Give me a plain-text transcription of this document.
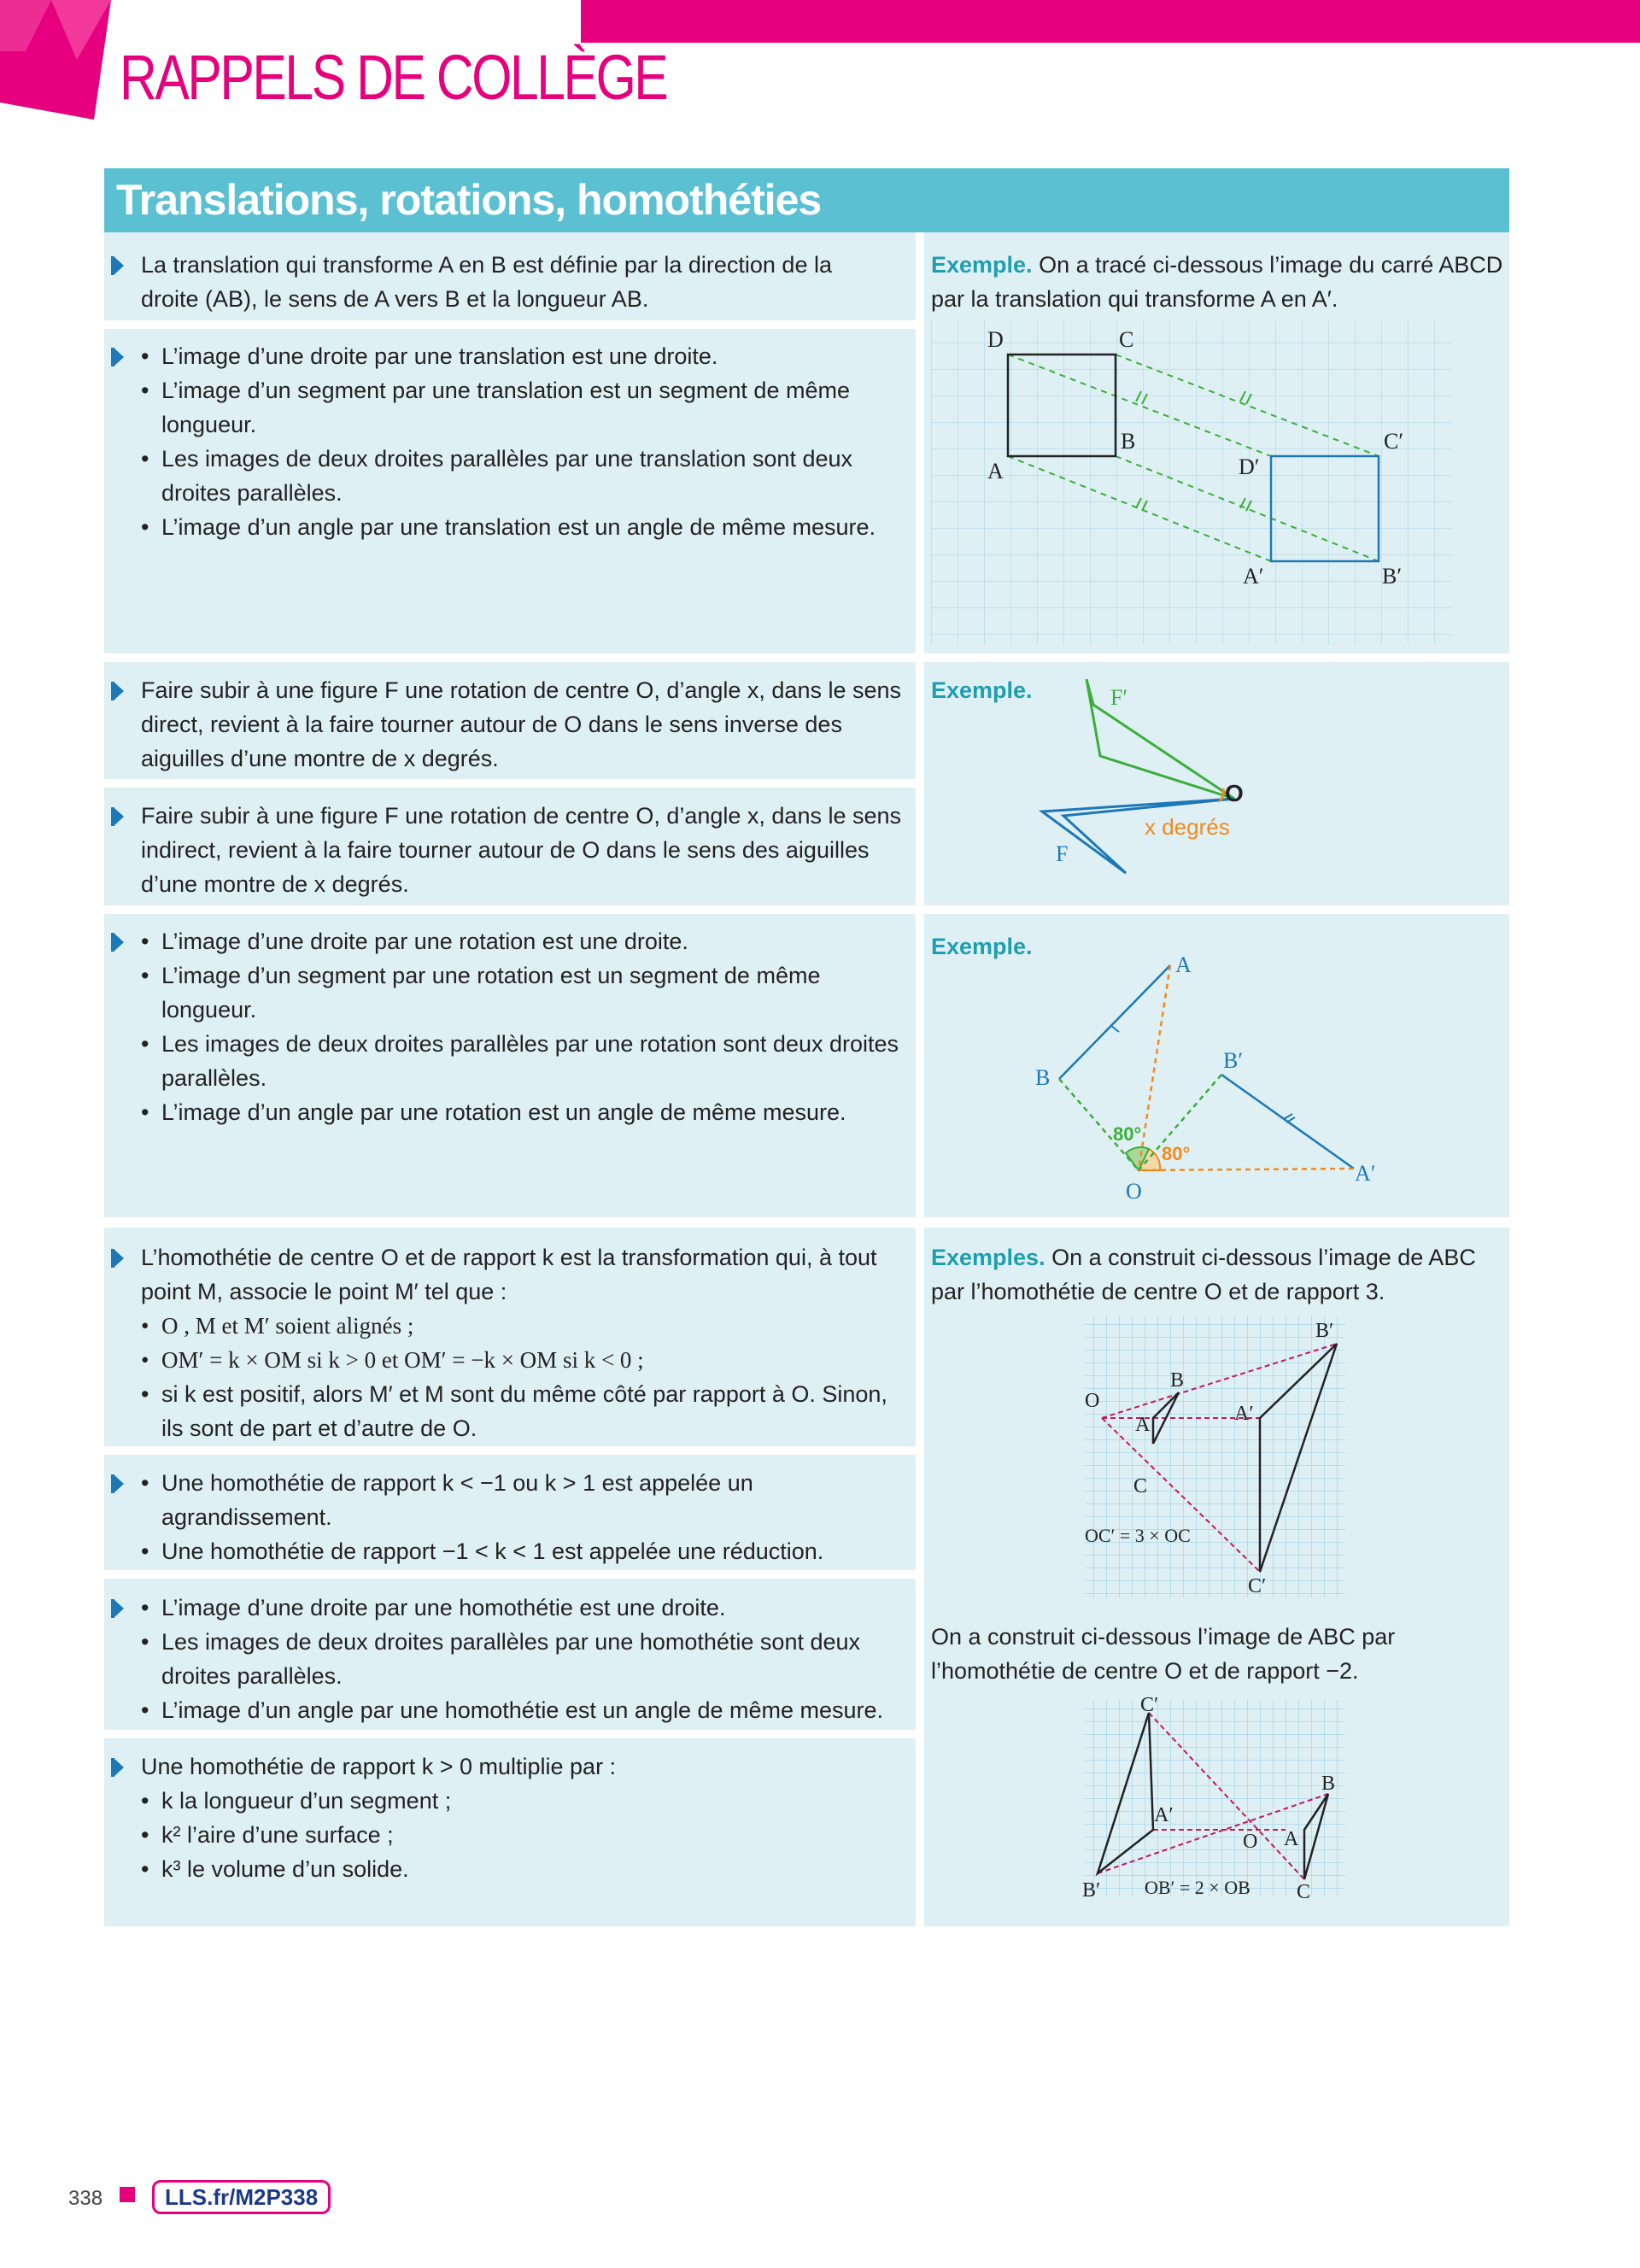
RAPPELS DE COLLÈGE
Translations, rotations, homothéties

La translation qui transforme A en B est définie par la direction de la droite (AB), le sens de A vers B et la longueur AB.

• L’image d’une droite par une translation est une droite.
• L’image d’un segment par une translation est un segment de même longueur.
• Les images de deux droites parallèles par une translation sont deux droites parallèles.
• L’image d’un angle par une translation est un angle de même mesure.
Exemple. On a tracé ci-dessous l’image du carré ABCD par la translation qui transforme A en A′.
D	C
A
B	C′
D′
A′	B′

Faire subir à une figure F une rotation de centre O, d’angle x, dans le sens direct, revient à la faire tourner autour de O dans le sens inverse des aiguilles d’une montre de x degrés.

Faire subir à une figure F une rotation de centre O, d’angle x, dans le sens indirect, revient à la faire tourner autour de O dans le sens des aiguilles d’une montre de x degrés.

• L’image d’une droite par une rotation est une droite.
• L’image d’un segment par une rotation est un segment de même longueur.
• Les images de deux droites parallèles par une rotation sont deux droites parallèles.
• L’image d’un angle par une rotation est un angle de même mesure.
Exemple.
Exemple.
F′
F
O
x degrés
A
B
B′
A′
O
80°
80°

L’homothétie de centre O et de rapport k est la transformation qui, à tout point M, associe le point M′ tel que :

• O , M et M′ soient alignés ;
• OM′ = k × OM si k > 0 et OM′ = −k × OM si k < 0 ;
• si k est positif, alors M′ et M sont du même côté par rapport à O. Sinon, ils sont de part et d’autre de O.
• Une homothétie de rapport k < −1 ou k > 1 est appelée un agrandissement.
• Une homothétie de rapport −1 < k < 1 est appelée une réduction.
• L’image d’une droite par une homothétie est une droite.
• Les images de deux droites parallèles par une homothétie sont deux droites parallèles.
• L’image d’un angle par une homothétie est un angle de même mesure.

Une homothétie de rapport k > 0 multiplie par :

• k la longueur d’un segment ;
• k² l’aire d’une surface ;
• k³ le volume d’un solide.
Exemples. On a construit ci-dessous l’image de ABC par l’homothétie de centre O et de rapport 3.
On a construit ci-dessous l’image de ABC par l’homothétie de centre O et de rapport −2.
O
A
B
C
A′
B′
C′
OC′ = 3 × OC
C′
A′
B′
O A
B
C
OB′ = 2 × OB
338	LLS.fr/M2P338
